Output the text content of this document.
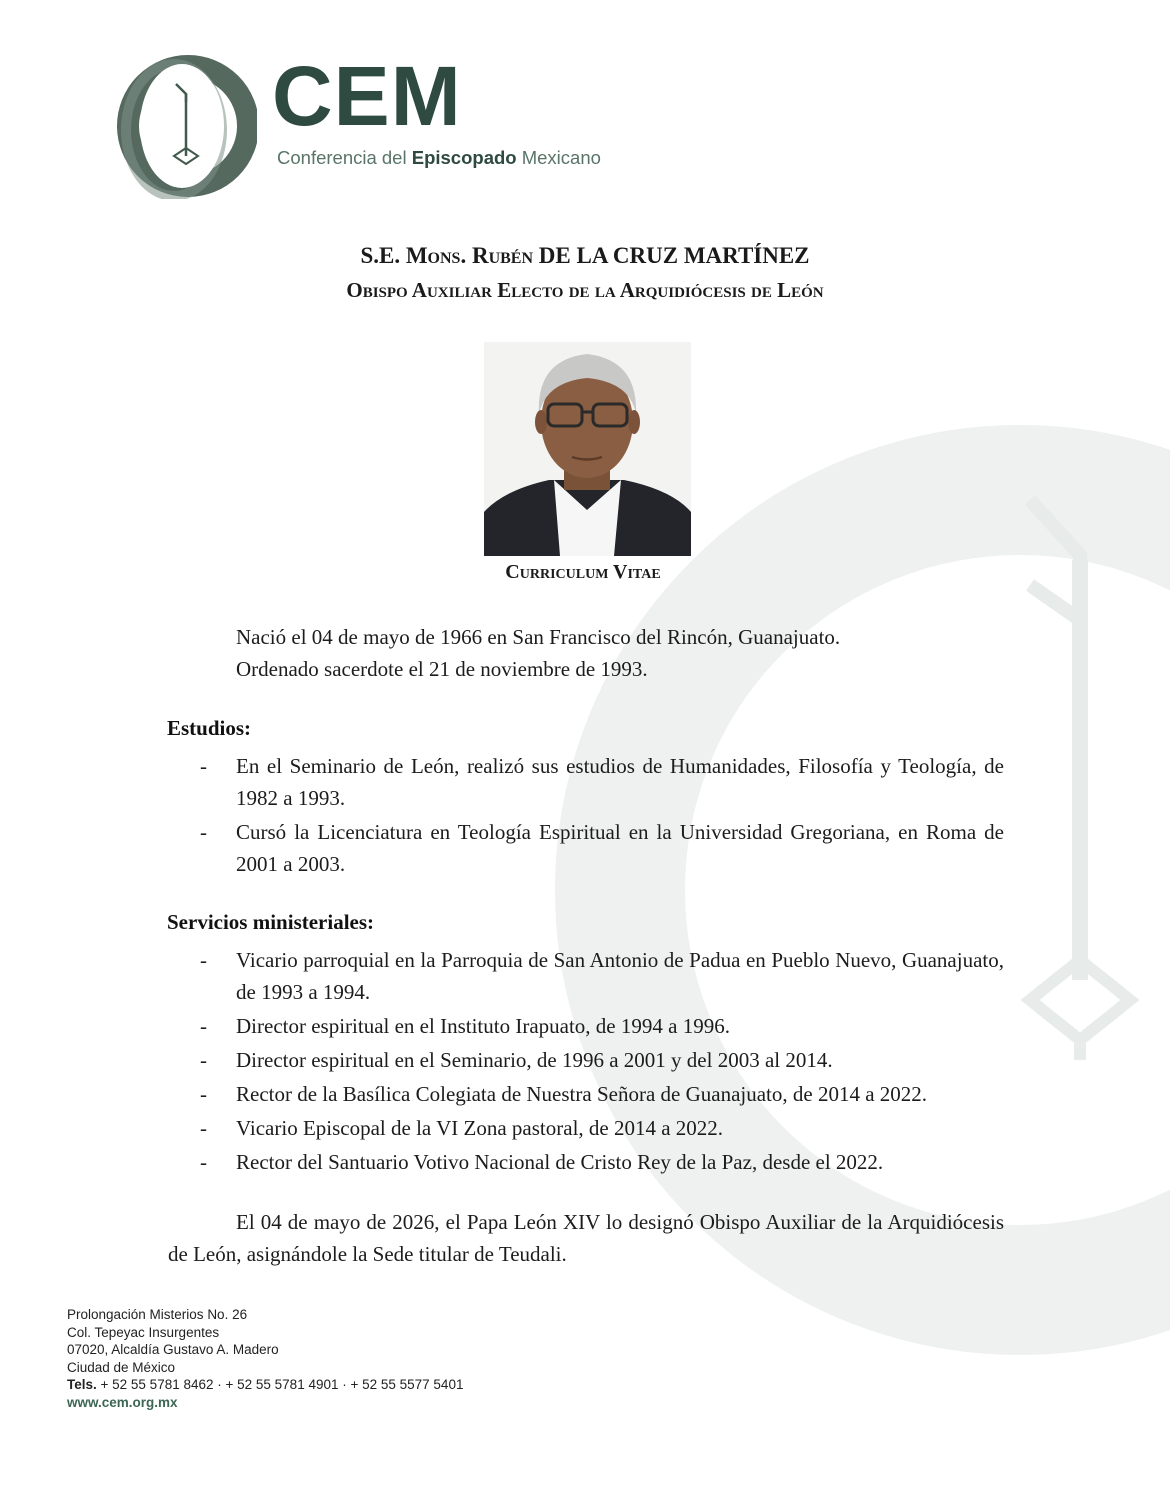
CEM
Conferencia del Episcopado Mexicano
S.E. Mons. Rubén DE LA CRUZ MARTÍNEZ
Obispo Auxiliar Electo de la Arquidiócesis de León
Curriculum Vitae
Nació el 04 de mayo de 1966 en San Francisco del Rincón, Guanajuato.
Ordenado sacerdote el 21 de noviembre de 1993.
Estudios:
- En el Seminario de León, realizó sus estudios de Humanidades, Filosofía y Teología, de 1982 a 1993.
- Cursó la Licenciatura en Teología Espiritual en la Universidad Gregoriana, en Roma de 2001 a 2003.
Servicios ministeriales:
- Vicario parroquial en la Parroquia de San Antonio de Padua en Pueblo Nuevo, Guanajuato, de 1993 a 1994.
- Director espiritual en el Instituto Irapuato, de 1994 a 1996.
- Director espiritual en el Seminario, de 1996 a 2001 y del 2003 al 2014.
- Rector de la Basílica Colegiata de Nuestra Señora de Guanajuato, de 2014 a 2022.
- Vicario Episcopal de la VI Zona pastoral, de 2014 a 2022.
- Rector del Santuario Votivo Nacional de Cristo Rey de la Paz, desde el 2022.
El 04 de mayo de 2026, el Papa León XIV lo designó Obispo Auxiliar de la Arquidiócesis de León, asignándole la Sede titular de Teudali.
Prolongación Misterios No. 26
Col. Tepeyac Insurgentes
07020, Alcaldía Gustavo A. Madero
Ciudad de México
Tels. + 52 55 5781 8462 · + 52 55 5781 4901 · + 52 55 5577 5401
www.cem.org.mx
